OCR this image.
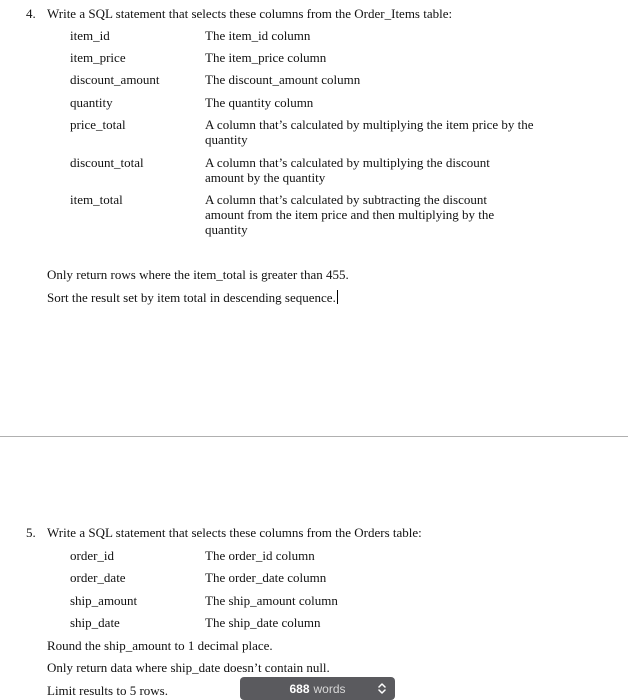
4. Write a SQL statement that selects these columns from the Order_Items table:
item_id	The item_id column
item_price	The item_price column
discount_amount	The discount_amount column
quantity	The quantity column
price_total	A column that’s calculated by multiplying the item price by the quantity
discount_total	A column that’s calculated by multiplying the discount amount by the quantity
item_total	A column that’s calculated by subtracting the discount amount from the item price and then multiplying by the quantity
Only return rows where the item_total is greater than 455.
Sort the result set by item total in descending sequence.
5. Write a SQL statement that selects these columns from the Orders table:
order_id	The order_id column
order_date	The order_date column
ship_amount	The ship_amount column
ship_date	The ship_date column
Round the ship_amount to 1 decimal place.
Only return data where ship_date doesn’t contain null.
Limit results to 5 rows.	688 words
